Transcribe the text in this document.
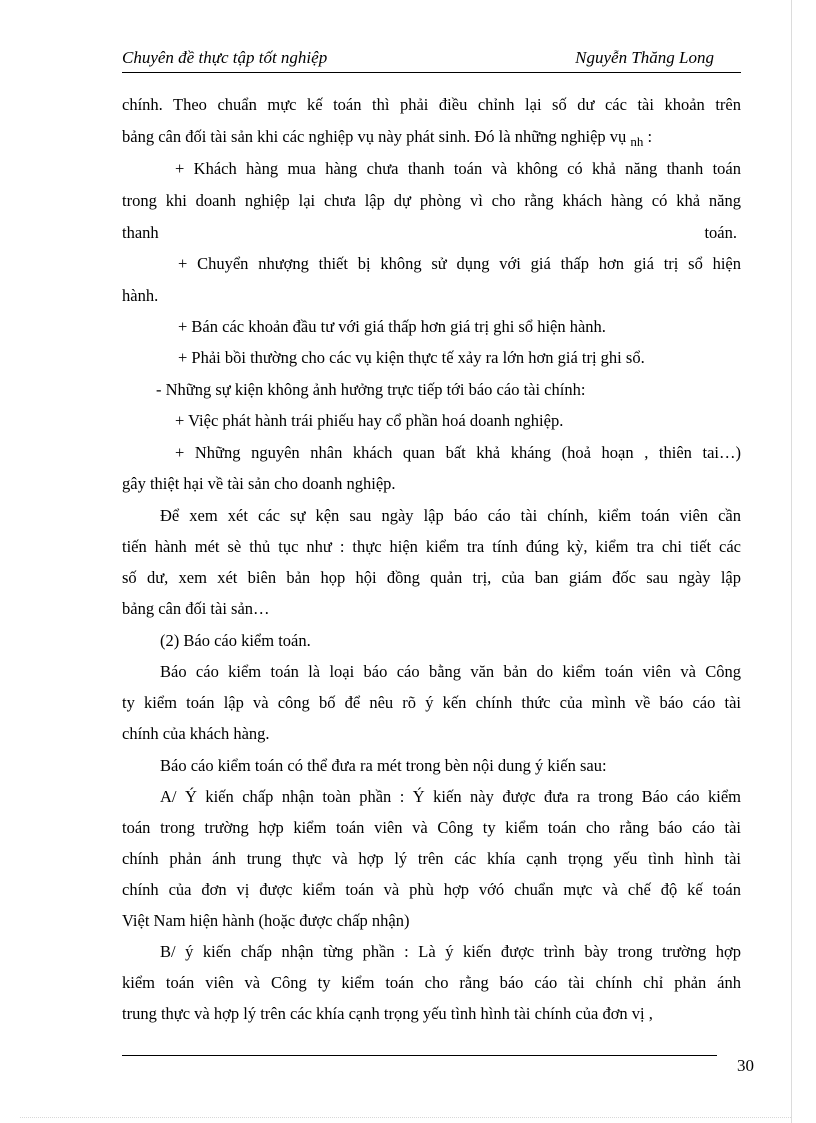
Chuyên đề thực tập tốt nghiệp	Nguyễn Thăng Long
chính. Theo chuẩn mực kế toán thì phải điều chỉnh lại số dư các tài khoản trên
bảng cân đối tài sản khi các nghiệp vụ này phát sinh. Đó là những nghiệp vụ $_{nh}$ :
+ Khách hàng mua hàng chưa thanh toán và không có khả năng thanh toán
trong khi doanh nghiệp lại chưa lập dự phòng vì cho rằng khách hàng có khả năng
thanh	toán.
+ Chuyển nhượng thiết bị không sử dụng với giá thấp hơn giá trị sổ hiện
hành.
+ Bán các khoản đầu tư với giá thấp hơn giá trị ghi sổ hiện hành.
+ Phải bồi thường cho các vụ kiện thực tế xảy ra lớn hơn giá trị ghi sổ.
- Những sự kiện không ảnh hưởng trực tiếp tới báo cáo tài chính:
+ Việc phát hành trái phiếu hay cổ phần hoá doanh nghiệp.
+ Những nguyên nhân khách quan bất khả kháng (hoả hoạn , thiên tai…)
gây thiệt hại về tài sản cho doanh nghiệp.
Để xem xét các sự kện sau ngày lập báo cáo tài chính, kiểm toán viên cần
tiến hành mét sè thủ tục như : thực hiện kiểm tra tính đúng kỳ, kiểm tra chi tiết các
số dư, xem xét biên bản họp hội đồng quản trị, của ban giám đốc sau ngày lập
bảng cân đối tài sản…
(2) Báo cáo kiểm toán.
Báo cáo kiểm toán là loại báo cáo bằng văn bản do kiểm toán viên và Công
ty kiểm toán lập và công bố để nêu rõ ý kến chính thức của mình về báo cáo tài
chính của khách hàng.
Báo cáo kiểm toán có thể đưa ra mét trong bèn nội dung ý kiến sau:
A/ Ý kiến chấp nhận toàn phần : Ý kiến này được đưa ra trong Báo cáo kiểm
toán trong trường hợp kiểm toán viên và Công ty kiểm toán cho rằng báo cáo tài
chính phản ánh trung thực và hợp lý trên các khía cạnh trọng yếu tình hình tài
chính của đơn vị được kiểm toán và phù hợp vớó chuẩn mực và chế độ kế toán
Việt Nam hiện hành (hoặc được chấp nhận)
B/ ý kiến chấp nhận từng phần : Là ý kiến được trình bày trong trường hợp
kiểm toán viên và Công ty kiểm toán cho rằng báo cáo tài chính chỉ phản ánh
trung thực và hợp lý trên các khía cạnh trọng yếu tình hình tài chính của đơn vị ,
30
